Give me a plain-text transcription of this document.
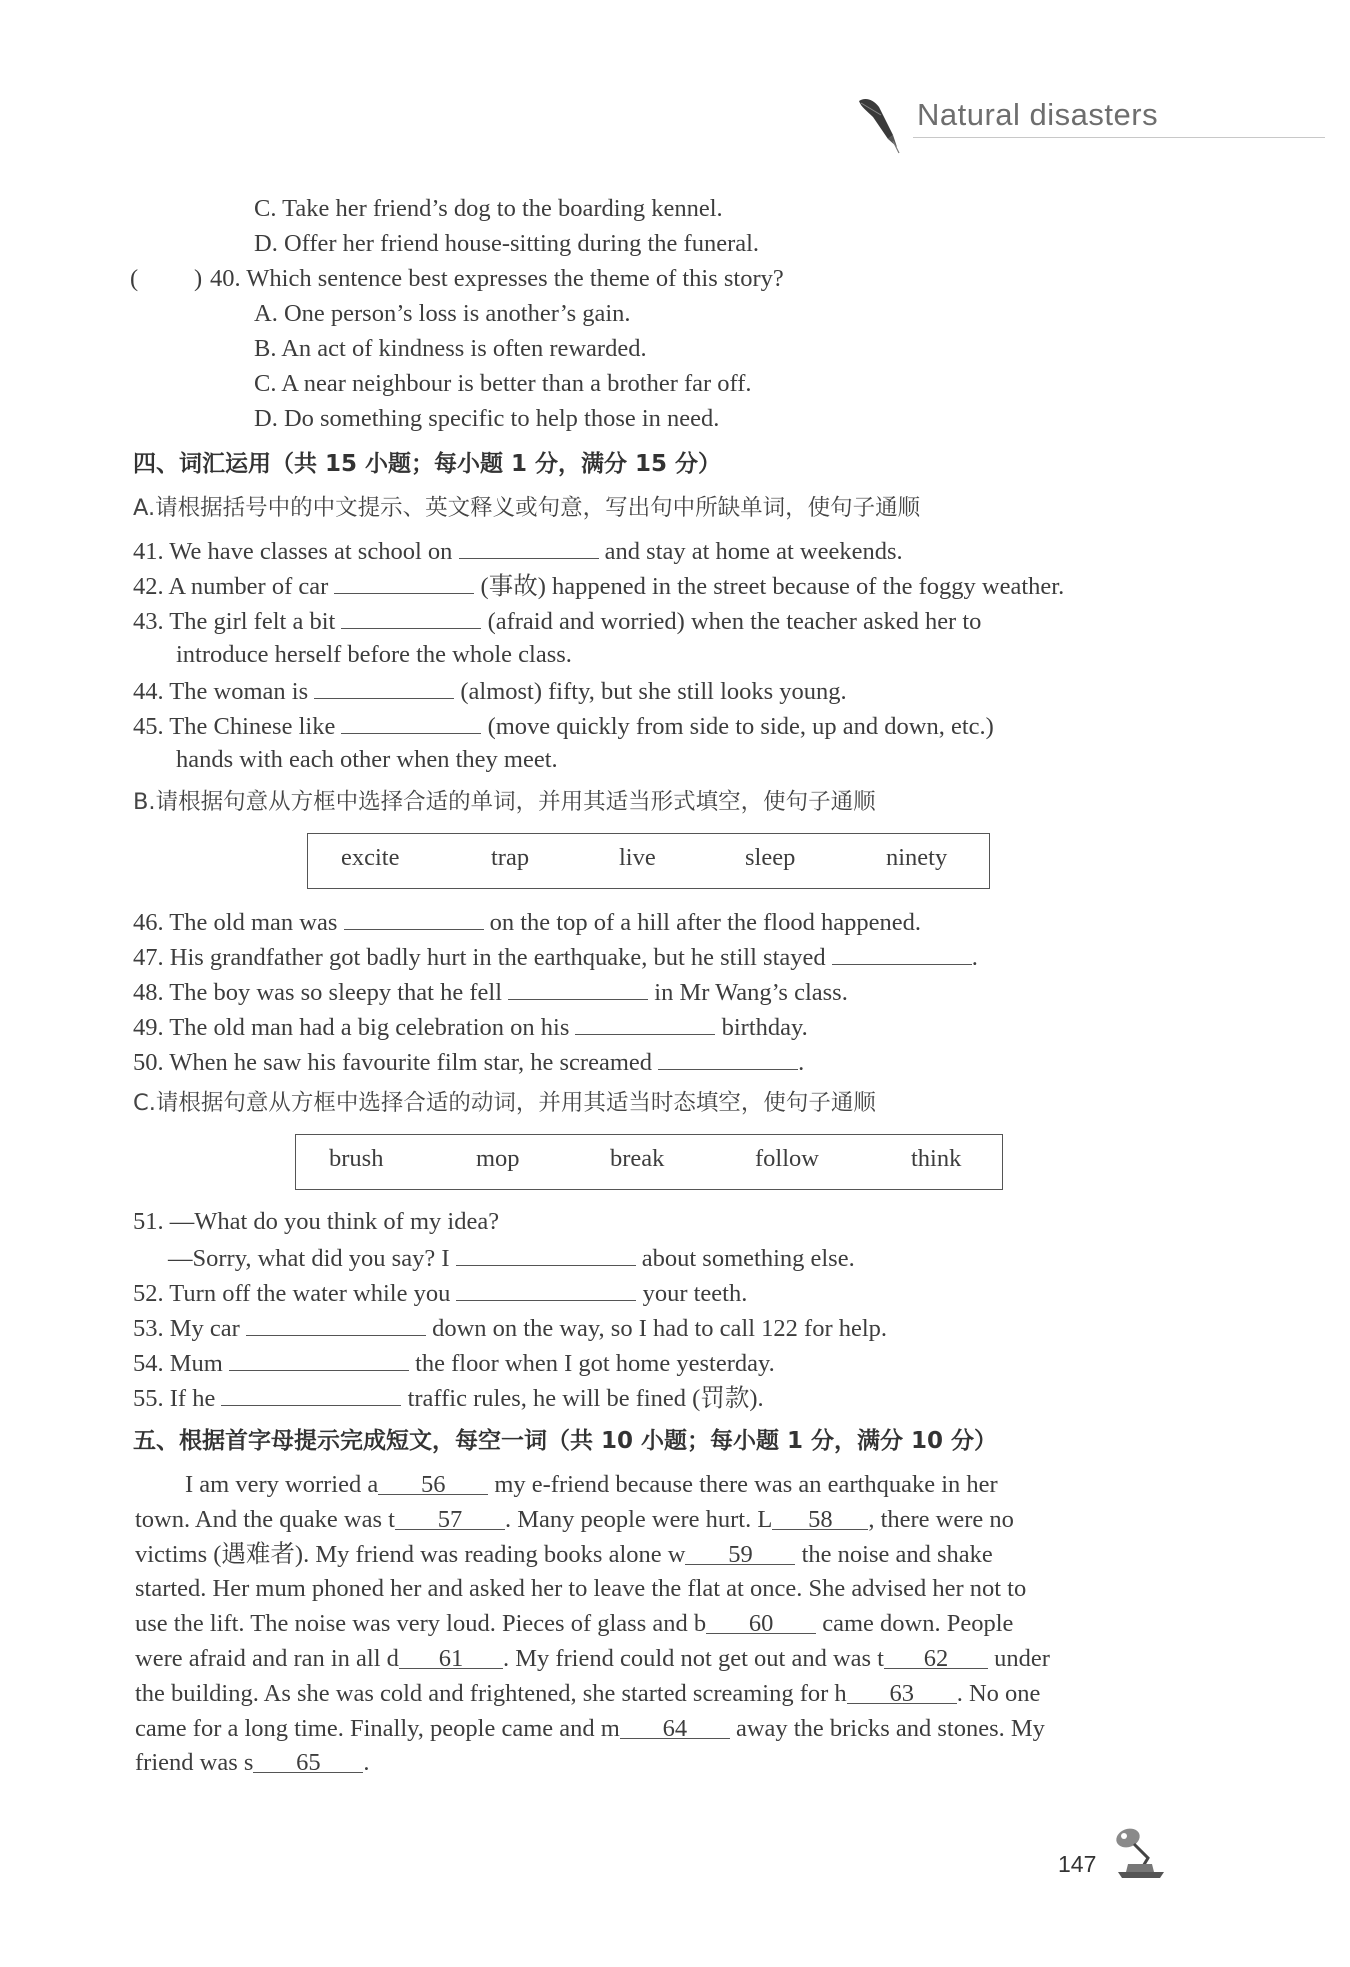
Natural disasters
C. Take her friend’s dog to the boarding kennel.
D. Offer her friend house-sitting during the funeral.
( ) 40. Which sentence best expresses the theme of this story?
A. One person’s loss is another’s gain.
B. An act of kindness is often rewarded.
C. A near neighbour is better than a brother far off.
D. Do something specific to help those in need.
四、词汇运用（共 15 小题；每小题 1 分，满分 15 分）
A.请根据括号中的中文提示、英文释义或句意，写出句中所缺单词，使句子通顺
41. We have classes at school on	and stay at home at weekends.
42. A number of car	(事故) happened in the street because of the foggy weather.
43. The girl felt a bit	(afraid and worried) when the teacher asked her to
introduce herself before the whole class.
44. The woman is	(almost) fifty, but she still looks young.
45. The Chinese like	(move quickly from side to side, up and down, etc.)
hands with each other when they meet.
B.请根据句意从方框中选择合适的单词，并用其适当形式填空，使句子通顺
excite	trap	live	sleep	ninety
46. The old man was	on the top of a hill after the flood happened.
47. His grandfather got badly hurt in the earthquake, but he still stayed	.
48. The boy was so sleepy that he fell	in Mr Wang’s class.
49. The old man had a big celebration on his	birthday.
50. When he saw his favourite film star, he screamed	.
C.请根据句意从方框中选择合适的动词，并用其适当时态填空，使句子通顺
brush	mop	break	follow	think
51. —What do you think of my idea?
—Sorry, what did you say? I	about something else.
52. Turn off the water while you	your teeth.
53. My car	down on the way, so I had to call 122 for help.
54. Mum	the floor when I got home yesterday.
55. If he	traffic rules, he will be fined (罚款).
五、根据首字母提示完成短文，每空一词（共 10 小题；每小题 1 分，满分 10 分）
I am very worried a 56 my e-friend because there was an earthquake in her
town. And the quake was t 57 . Many people were hurt. L 58 , there were no
victims (遇难者). My friend was reading books alone w 59 the noise and shake
started. Her mum phoned her and asked her to leave the flat at once. She advised her not to
use the lift. The noise was very loud. Pieces of glass and b 60 came down. People
were afraid and ran in all d 61 . My friend could not get out and was t 62 under
the building. As she was cold and frightened, she started screaming for h 63 . No one
came for a long time. Finally, people came and m 64 away the bricks and stones. My
friend was s 65 .
147
